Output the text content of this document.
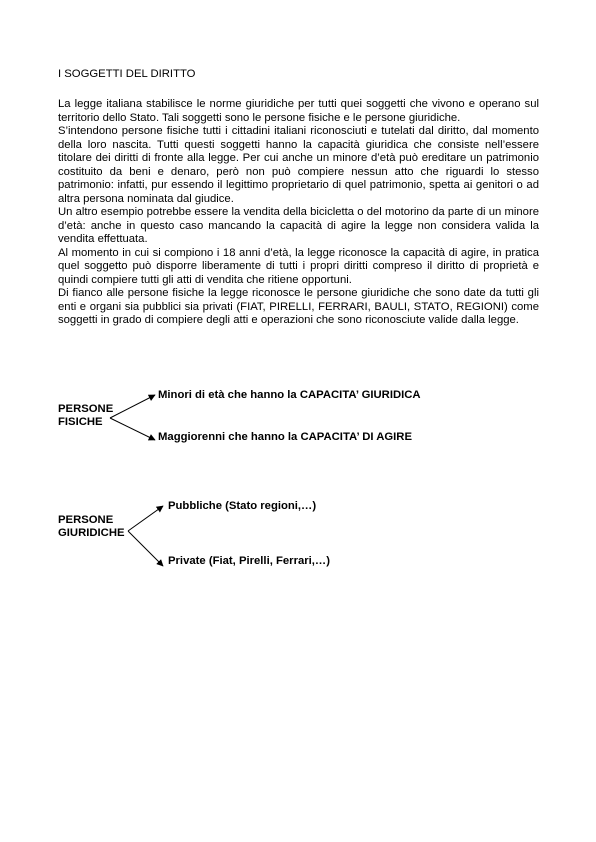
I SOGGETTI DEL DIRITTO

La legge italiana stabilisce le norme giuridiche per tutti quei soggetti che vivono e operano sul territorio dello Stato. Tali soggetti sono le persone fisiche e le persone giuridiche.

S’intendono persone fisiche tutti i cittadini italiani riconosciuti e tutelati dal diritto, dal momento della loro nascita. Tutti questi soggetti hanno la capacità giuridica che consiste nell’essere titolare dei diritti di fronte alla legge. Per cui anche un minore d’età può ereditare un patrimonio costituito da beni e denaro, però non può compiere nessun atto che riguardi lo stesso patrimonio: infatti, pur essendo il legittimo proprietario di quel patrimonio, spetta ai genitori o ad altra persona nominata dal giudice.

Un altro esempio potrebbe essere la vendita della bicicletta o del motorino da parte di un minore d’età: anche in questo caso mancando la capacità di agire la legge non considera valida la vendita effettuata.

Al momento in cui si compiono i 18 anni d’età, la legge riconosce la capacità di agire, in pratica quel soggetto può disporre liberamente di tutti i propri diritti compreso il diritto di proprietà e quindi compiere tutti gli atti di vendita che ritiene opportuni.

Di fianco alle persone fisiche la legge riconosce le persone giuridiche che sono date da tutti gli enti e organi sia pubblici sia privati (FIAT, PIRELLI, FERRARI, BAULI, STATO, REGIONI) come soggetti in grado di compiere degli atti e operazioni che sono riconosciute valide dalla legge.

PERSONE
FISICHE
Minori di età che hanno la CAPACITA’ GIURIDICA
Maggiorenni che hanno la CAPACITA’ DI AGIRE
PERSONE
GIURIDICHE
Pubbliche (Stato regioni,…)
Private (Fiat, Pirelli, Ferrari,…)
